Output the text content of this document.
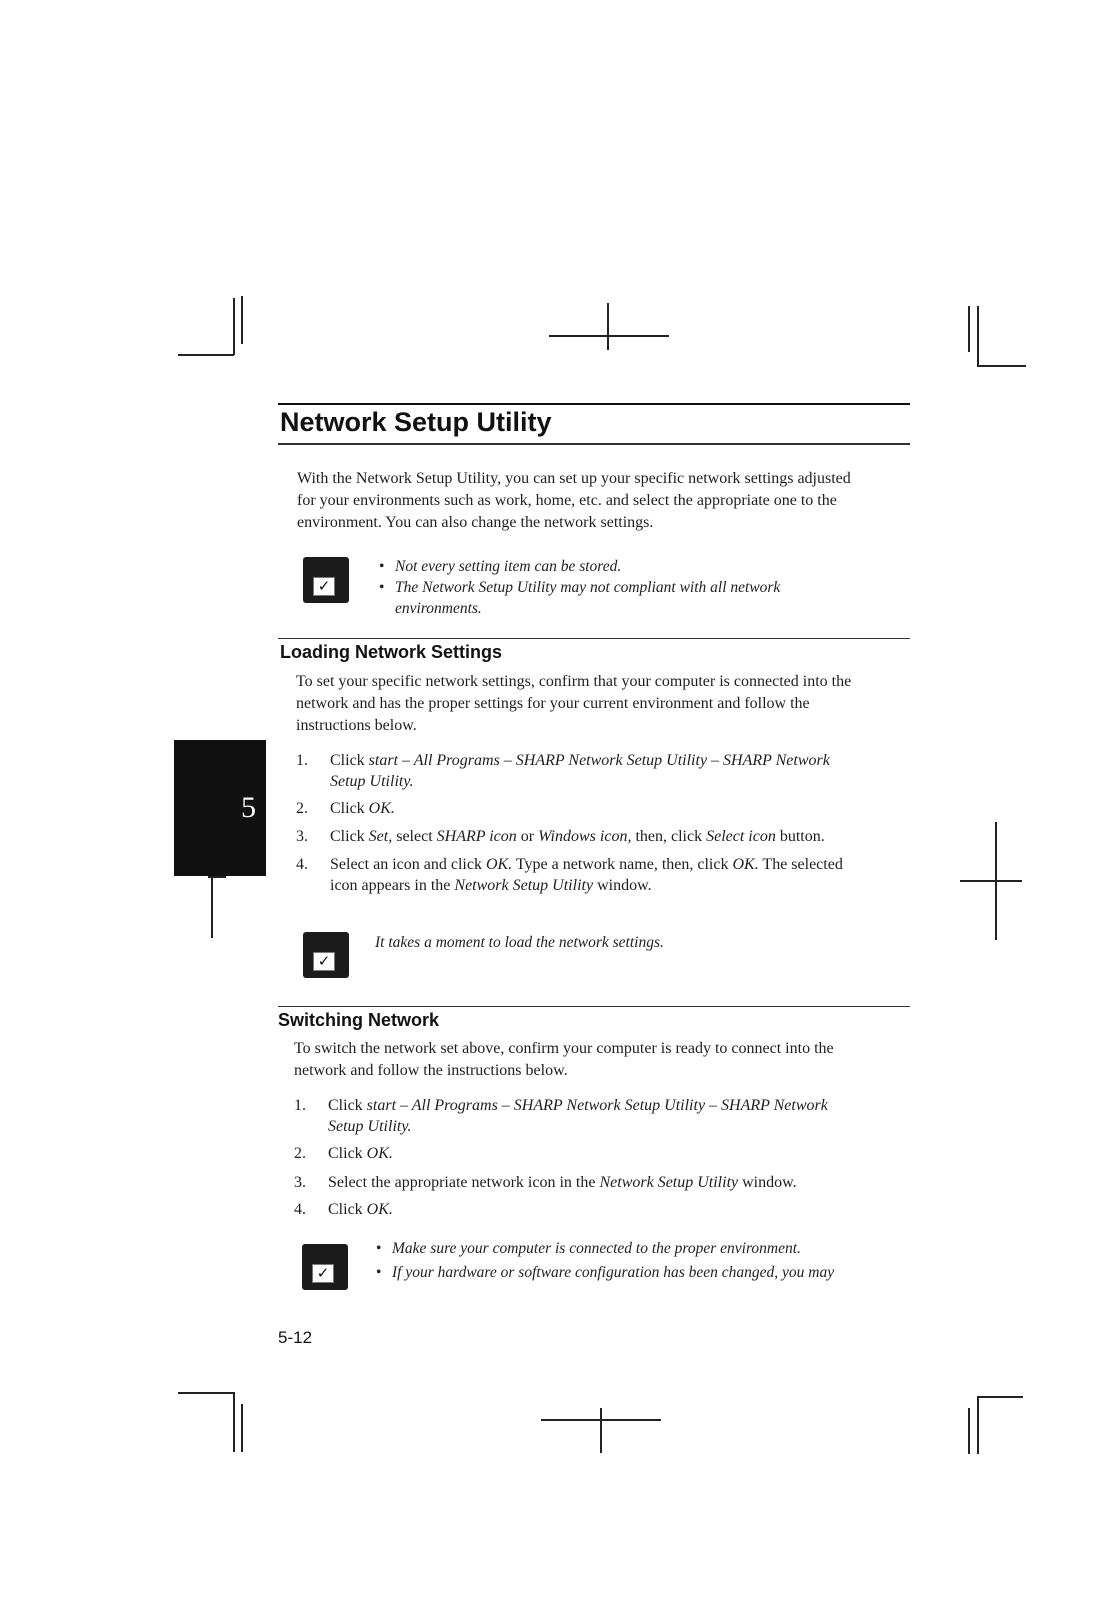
5
Network Setup Utility
With the Network Setup Utility, you can set up your specific network settings adjusted
for your environments such as work, home, etc. and select the appropriate one to the
environment. You can also change the network settings.
✓
• Not every setting item can be stored.
• The Network Setup Utility may not compliant with all network
environments.
Loading Network Settings
To set your specific network settings, confirm that your computer is connected into the
network and has the proper settings for your current environment and follow the
instructions below.
1. Click start – All Programs – SHARP Network Setup Utility – SHARP Network
Setup Utility.
2. Click OK.
3. Click Set, select SHARP icon or Windows icon, then, click Select icon button.
4. Select an icon and click OK. Type a network name, then, click OK. The selected
icon appears in the Network Setup Utility window.
✓
It takes a moment to load the network settings.
Switching Network
To switch the network set above, confirm your computer is ready to connect into the
network and follow the instructions below.
1. Click start – All Programs – SHARP Network Setup Utility – SHARP Network
Setup Utility.
2. Click OK.
3. Select the appropriate network icon in the Network Setup Utility window.
4. Click OK.
✓
• Make sure your computer is connected to the proper environment.
• If your hardware or software configuration has been changed, you may
5-12
